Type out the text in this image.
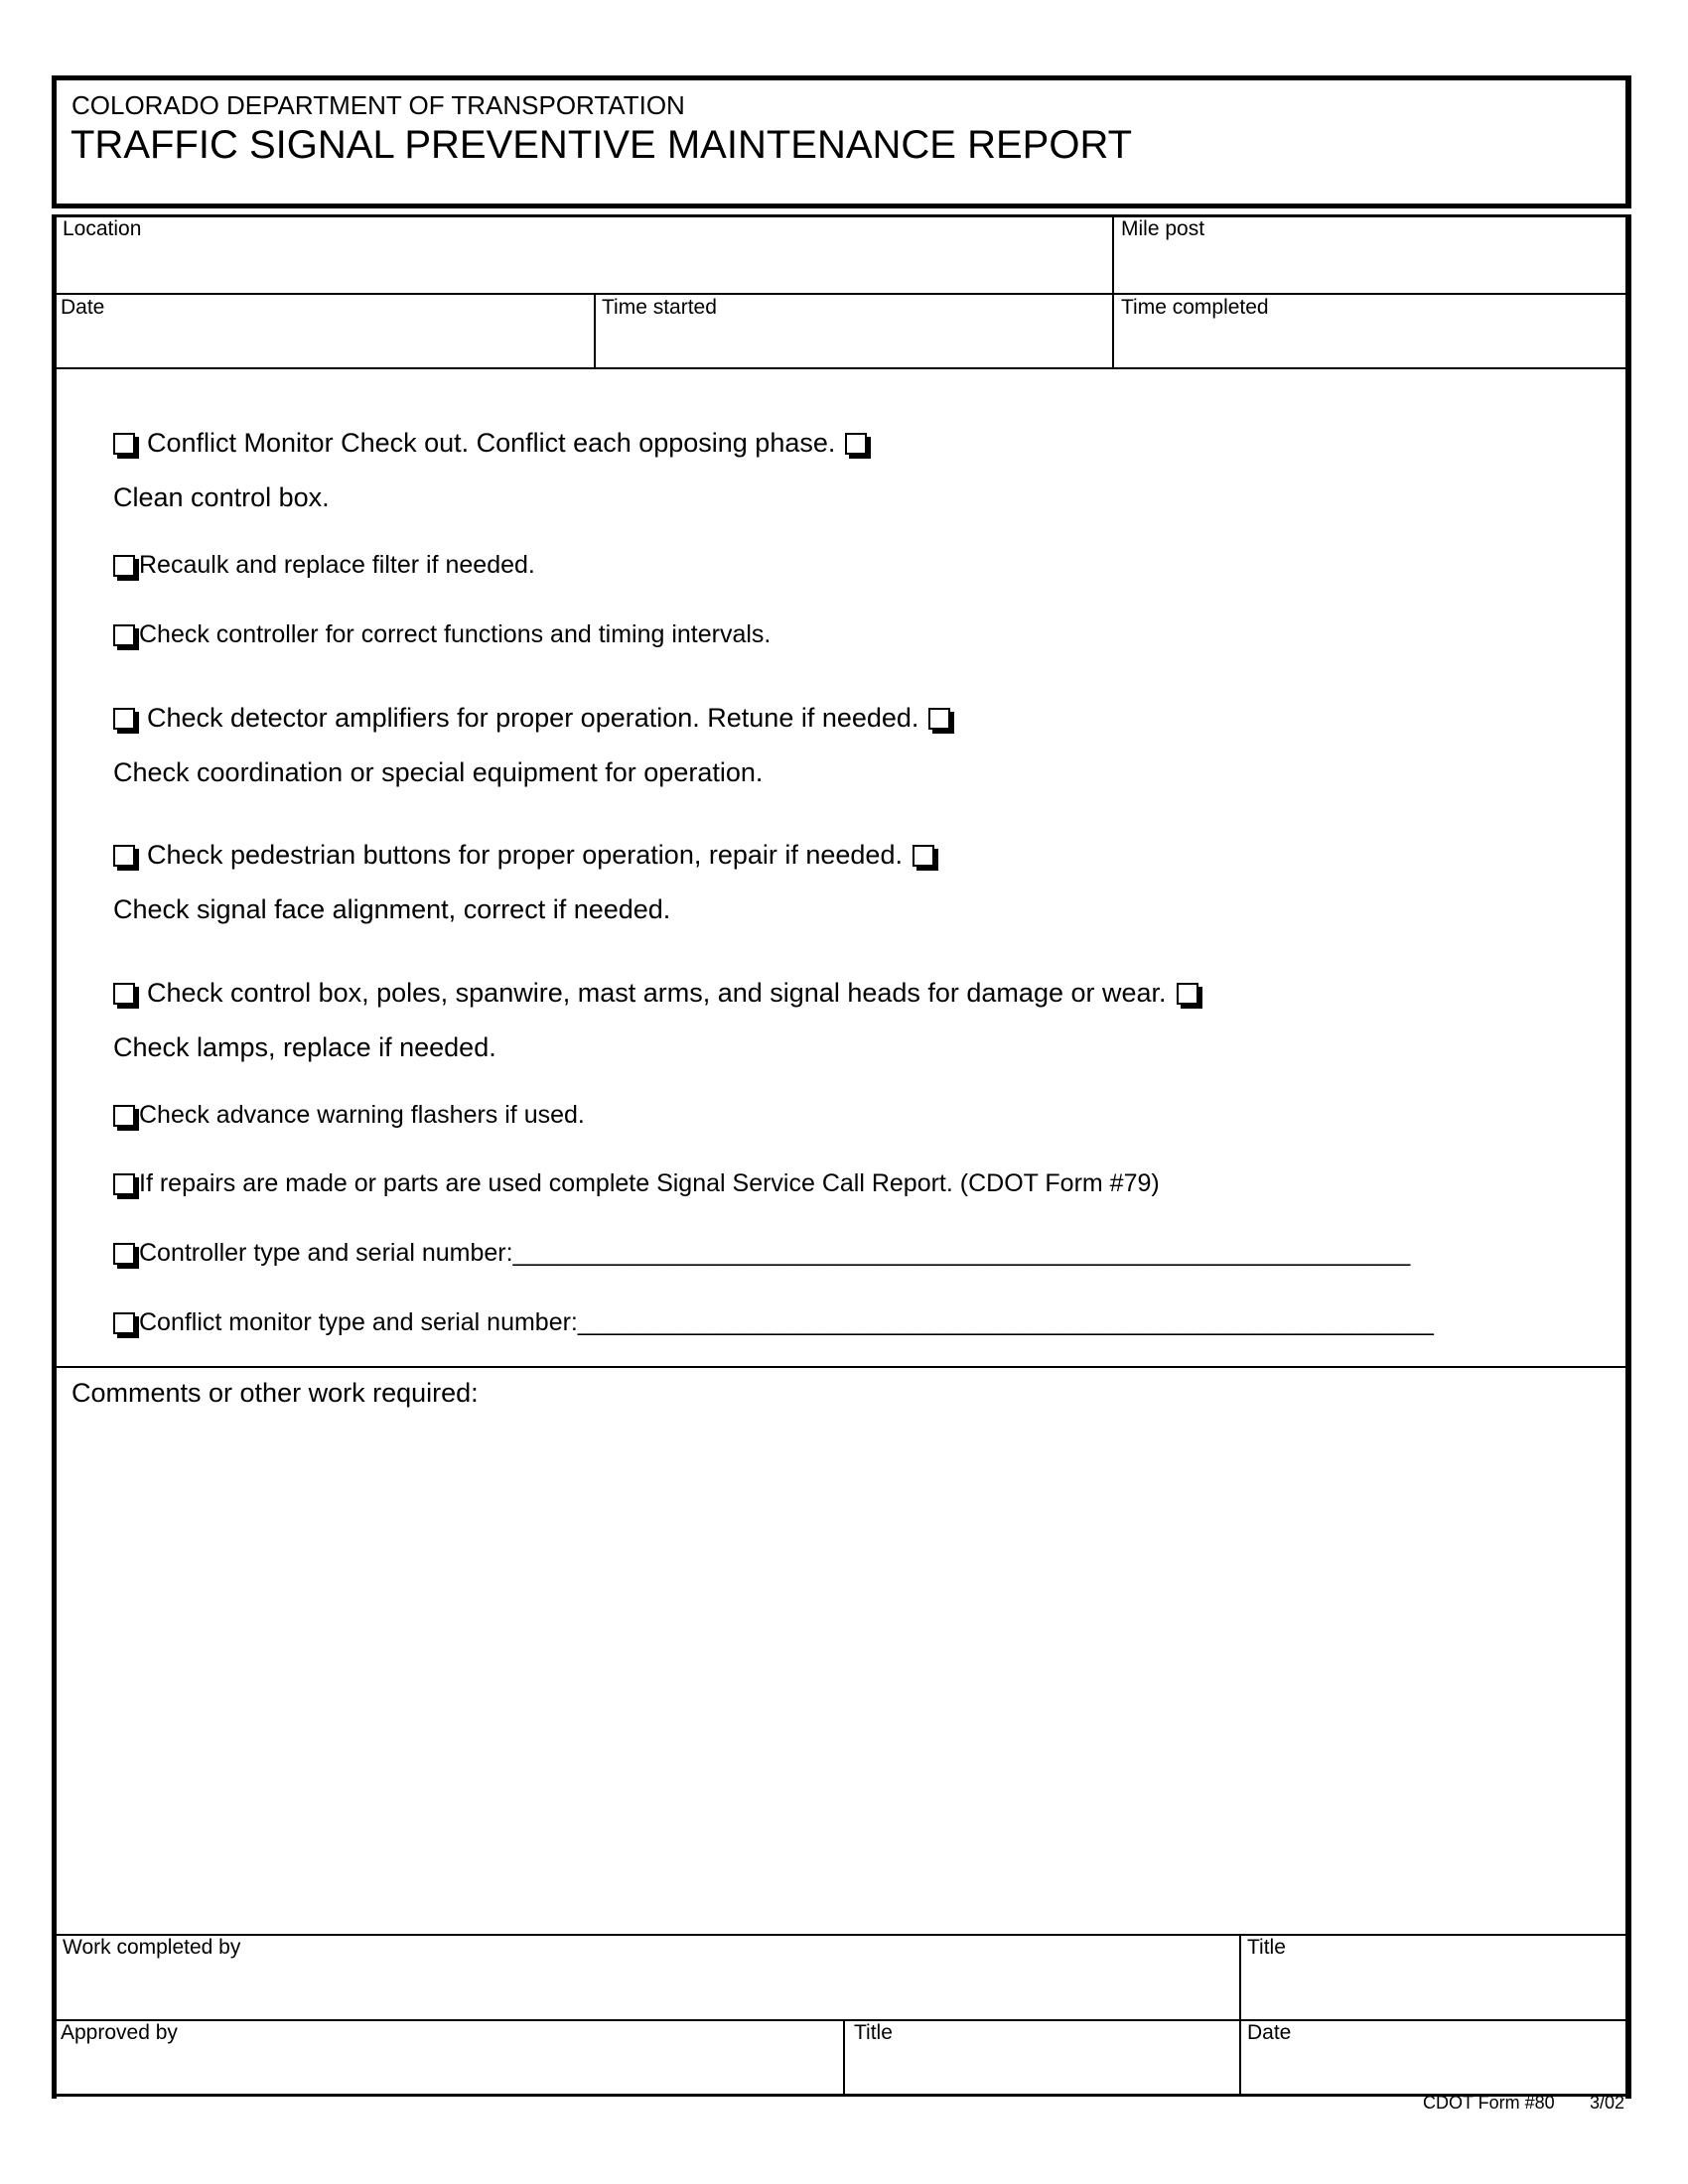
COLORADO DEPARTMENT OF TRANSPORTATION
TRAFFIC SIGNAL PREVENTIVE MAINTENANCE REPORT
Location	Mile post
Date	Time started	Time completed
Conflict Monitor Check out. Conflict each opposing phase.
Clean control box.
Recaulk and replace filter if needed.
Check controller for correct functions and timing intervals.
Check detector amplifiers for proper operation. Retune if needed.
Check coordination or special equipment for operation.
Check pedestrian buttons for proper operation, repair if needed.
Check signal face alignment, correct if needed.
Check control box, poles, spanwire, mast arms, and signal heads for damage or wear.
Check lamps, replace if needed.
Check advance warning flashers if used.
If repairs are made or parts are used complete Signal Service Call Report. (CDOT Form #79)
Controller type and serial number:_________________________________________________________________
Conflict monitor type and serial number:______________________________________________________________
Comments or other work required:
Work completed by	Title
Approved by	Title	Date
CDOT Form #80 3/02
